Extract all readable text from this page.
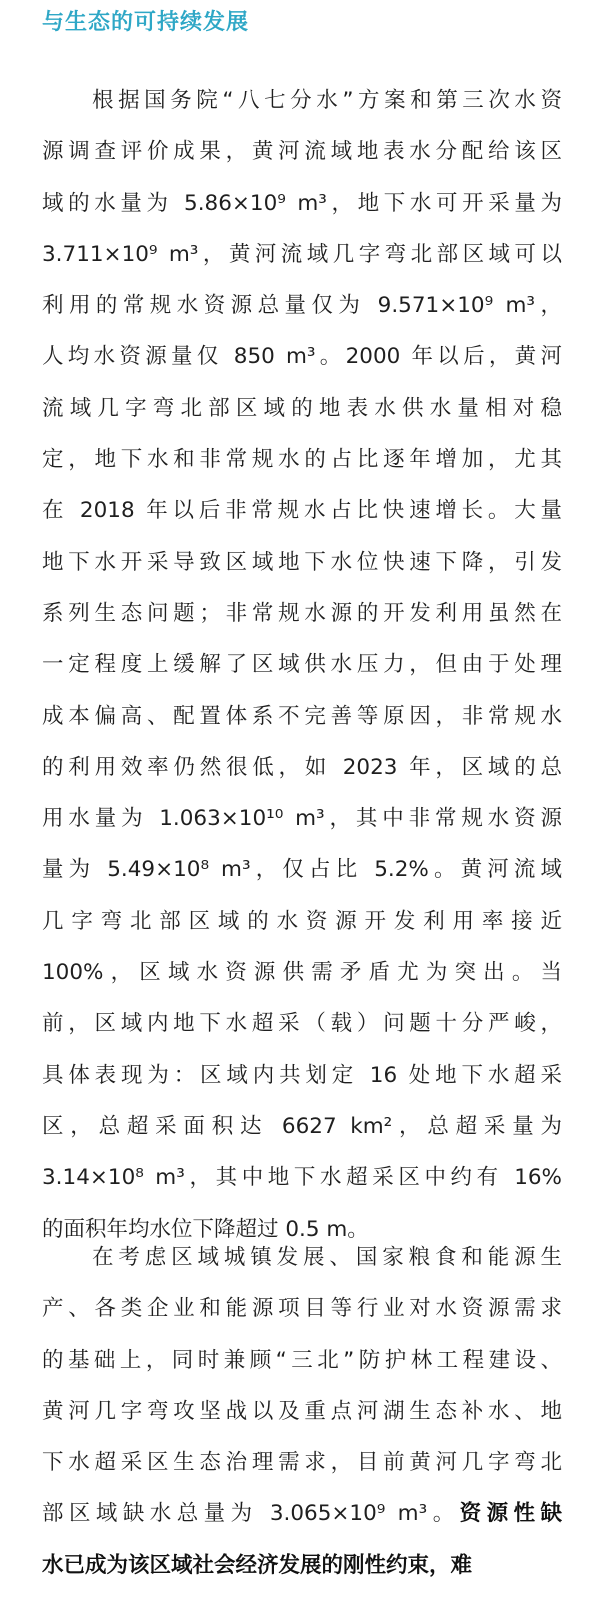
与生态的可持续发展
根据国务院“八七分水”方案和第三次水资
源调查评价成果，黄河流域地表水分配给该区
域的水量为 5.86×10⁹ m³，地下水可开采量为
3.711×10⁹ m³，黄河流域几字弯北部区域可以
利用的常规水资源总量仅为 9.571×10⁹ m³，
人均水资源量仅 850 m³。2000 年以后，黄河
流域几字弯北部区域的地表水供水量相对稳
定，地下水和非常规水的占比逐年增加，尤其
在 2018 年以后非常规水占比快速增长。大量
地下水开采导致区域地下水位快速下降，引发
系列生态问题；非常规水源的开发利用虽然在
一定程度上缓解了区域供水压力，但由于处理
成本偏高、配置体系不完善等原因，非常规水
的利用效率仍然很低，如 2023 年，区域的总
用水量为 1.063×10¹⁰ m³，其中非常规水资源
量为 5.49×10⁸ m³，仅占比 5.2%。黄河流域
几字弯北部区域的水资源开发利用率接近
100%，区域水资源供需矛盾尤为突出。当
前，区域内地下水超采（载）问题十分严峻，
具体表现为：区域内共划定 16 处地下水超采
区，总超采面积达 6627 km²，总超采量为
3.14×10⁸ m³，其中地下水超采区中约有 16%
的面积年均水位下降超过 0.5 m。
在考虑区域城镇发展、国家粮食和能源生
产、各类企业和能源项目等行业对水资源需求
的基础上，同时兼顾“三北”防护林工程建设、
黄河几字弯攻坚战以及重点河湖生态补水、地
下水超采区生态治理需求，目前黄河几字弯北
部区域缺水总量为 3.065×10⁹ m³。资源性缺
水已成为该区域社会经济发展的刚性约束，难
